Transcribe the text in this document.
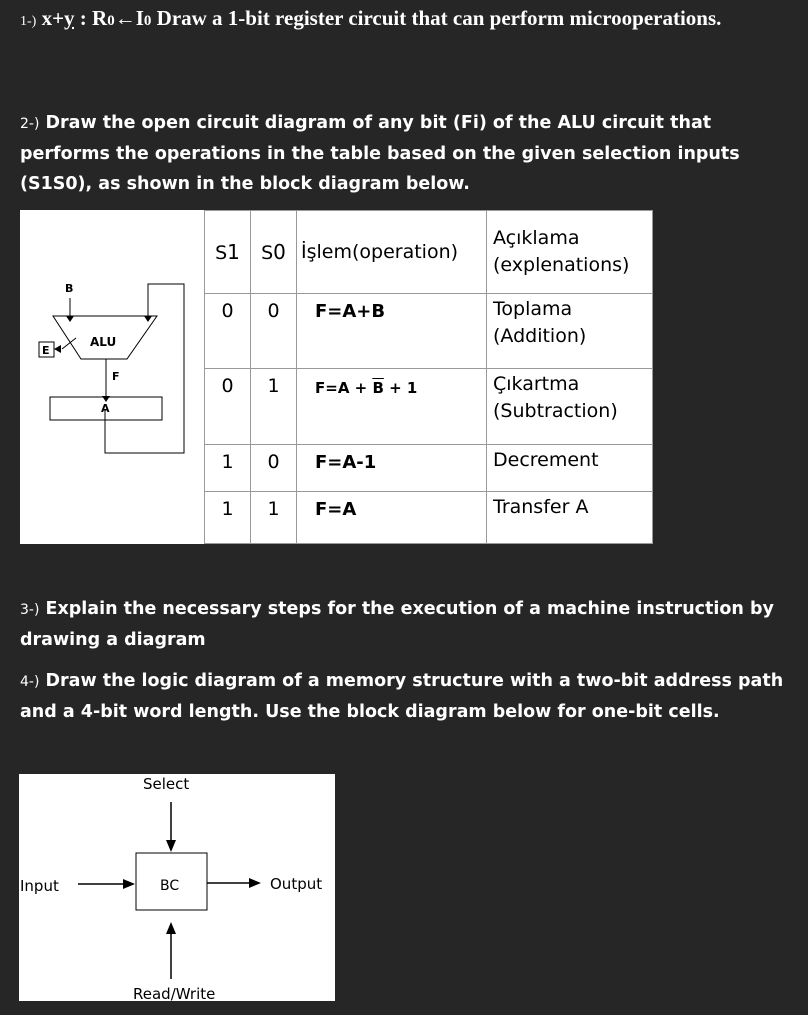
1-) x+y : R0←I0 Draw a 1-bit register circuit that can perform microoperations.
2-) Draw the open circuit diagram of any bit (Fi) of the ALU circuit that performs the operations in the table based on the given selection inputs (S1S0), as shown in the block diagram below.
B
E
ALU
F
A
S1	S0	İşlem(operation)	Açıklama
(explenations)
0	0	F=A+B	Toplama
(Addition)
0	1	$F=A + \overline{B} + 1$	Çıkartma
(Subtraction)
1	0	F=A-1	Decrement
1	1	F=A	Transfer A
3-) Explain the necessary steps for the execution of a machine instruction by drawing a diagram
4-) Draw the logic diagram of a memory structure with a two-bit address path and a 4-bit word length. Use the block diagram below for one-bit cells.
Select
Input	BC	Output
Read/Write
